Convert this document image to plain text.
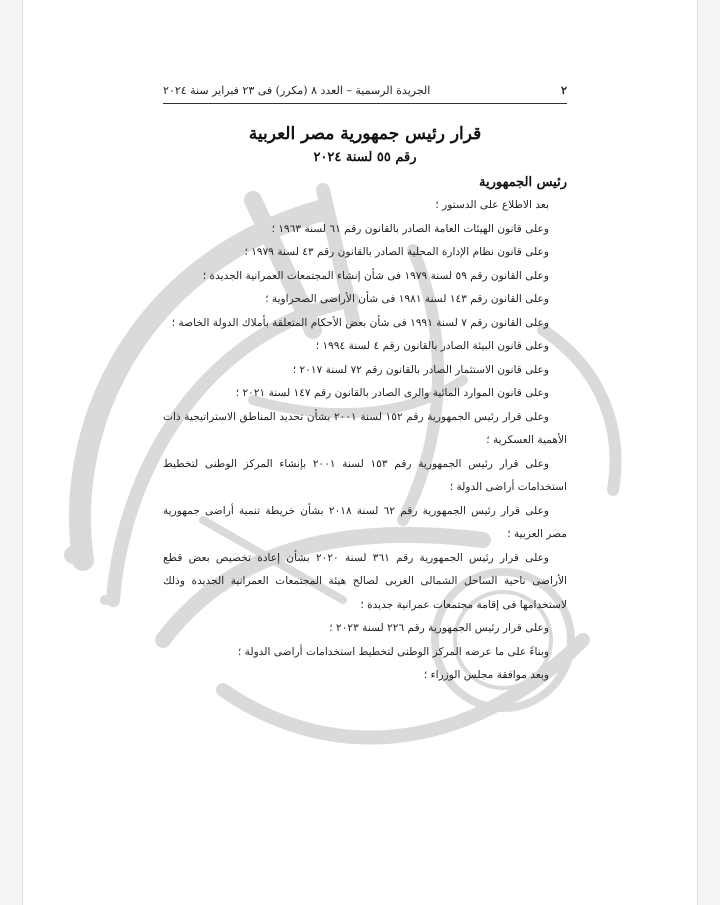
٢
الجريدة الرسمية – العدد ٨ (مكرر) فى ٢٣ فبراير سنة ٢٠٢٤
قرار رئيس جمهورية مصر العربية
رقم ٥٥ لسنة ٢٠٢٤
رئيس الجمهورية

بعد الاطلاع على الدستور ؛

وعلى قانون الهيئات العامة الصادر بالقانون رقم ٦١ لسنة ١٩٦٣ ؛

وعلى قانون نظام الإدارة المحلية الصادر بالقانون رقم ٤٣ لسنة ١٩٧٩ ؛

وعلى القانون رقم ٥٩ لسنة ١٩٧٩ فى شأن إنشاء المجتمعات العمرانية الجديدة ؛

وعلى القانون رقم ١٤٣ لسنة ١٩٨١ فى شأن الأراضى الصحراوية ؛

وعلى القانون رقم ٧ لسنة ١٩٩١ فى شأن بعض الأحكام المتعلقة بأملاك الدولة الخاصة ؛

وعلى قانون البيئة الصادر بالقانون رقم ٤ لسنة ١٩٩٤ ؛

وعلى قانون الاستثمار الصادر بالقانون رقم ٧٢ لسنة ٢٠١٧ ؛

وعلى قانون الموارد المائية والرى الصادر بالقانون رقم ١٤٧ لسنة ٢٠٢١ ؛

وعلى قرار رئيس الجمهورية رقم ١٥٢ لسنة ٢٠٠١ بشأن تحديد المناطق الاستراتيجية ذات الأهمية العسكرية ؛

وعلى قرار رئيس الجمهورية رقم ١٥٣ لسنة ٢٠٠١ بإنشاء المركز الوطنى لتخطيط استخدامات أراضى الدولة ؛

وعلى قرار رئيس الجمهورية رقم ٦٢ لسنة ٢٠١٨ بشأن خريطة تنمية أراضى جمهورية مصر العربية ؛

وعلى قرار رئيس الجمهورية رقم ٣٦١ لسنة ٢٠٢٠ بشأن إعادة تخصيص بعض قطع الأراضى ناحية الساحل الشمالى الغربى لصالح هيئة المجتمعات العمرانية الجديدة وذلك لاستخدامها فى إقامة مجتمعات عمرانية جديدة ؛

وعلى قرار رئيس الجمهورية رقم ٢٢٦ لسنة ٢٠٢٣ ؛

وبناءً على ما عرضه المركز الوطنى لتخطيط استخدامات أراضى الدولة ؛

وبعد موافقة مجلس الوزراء ؛
